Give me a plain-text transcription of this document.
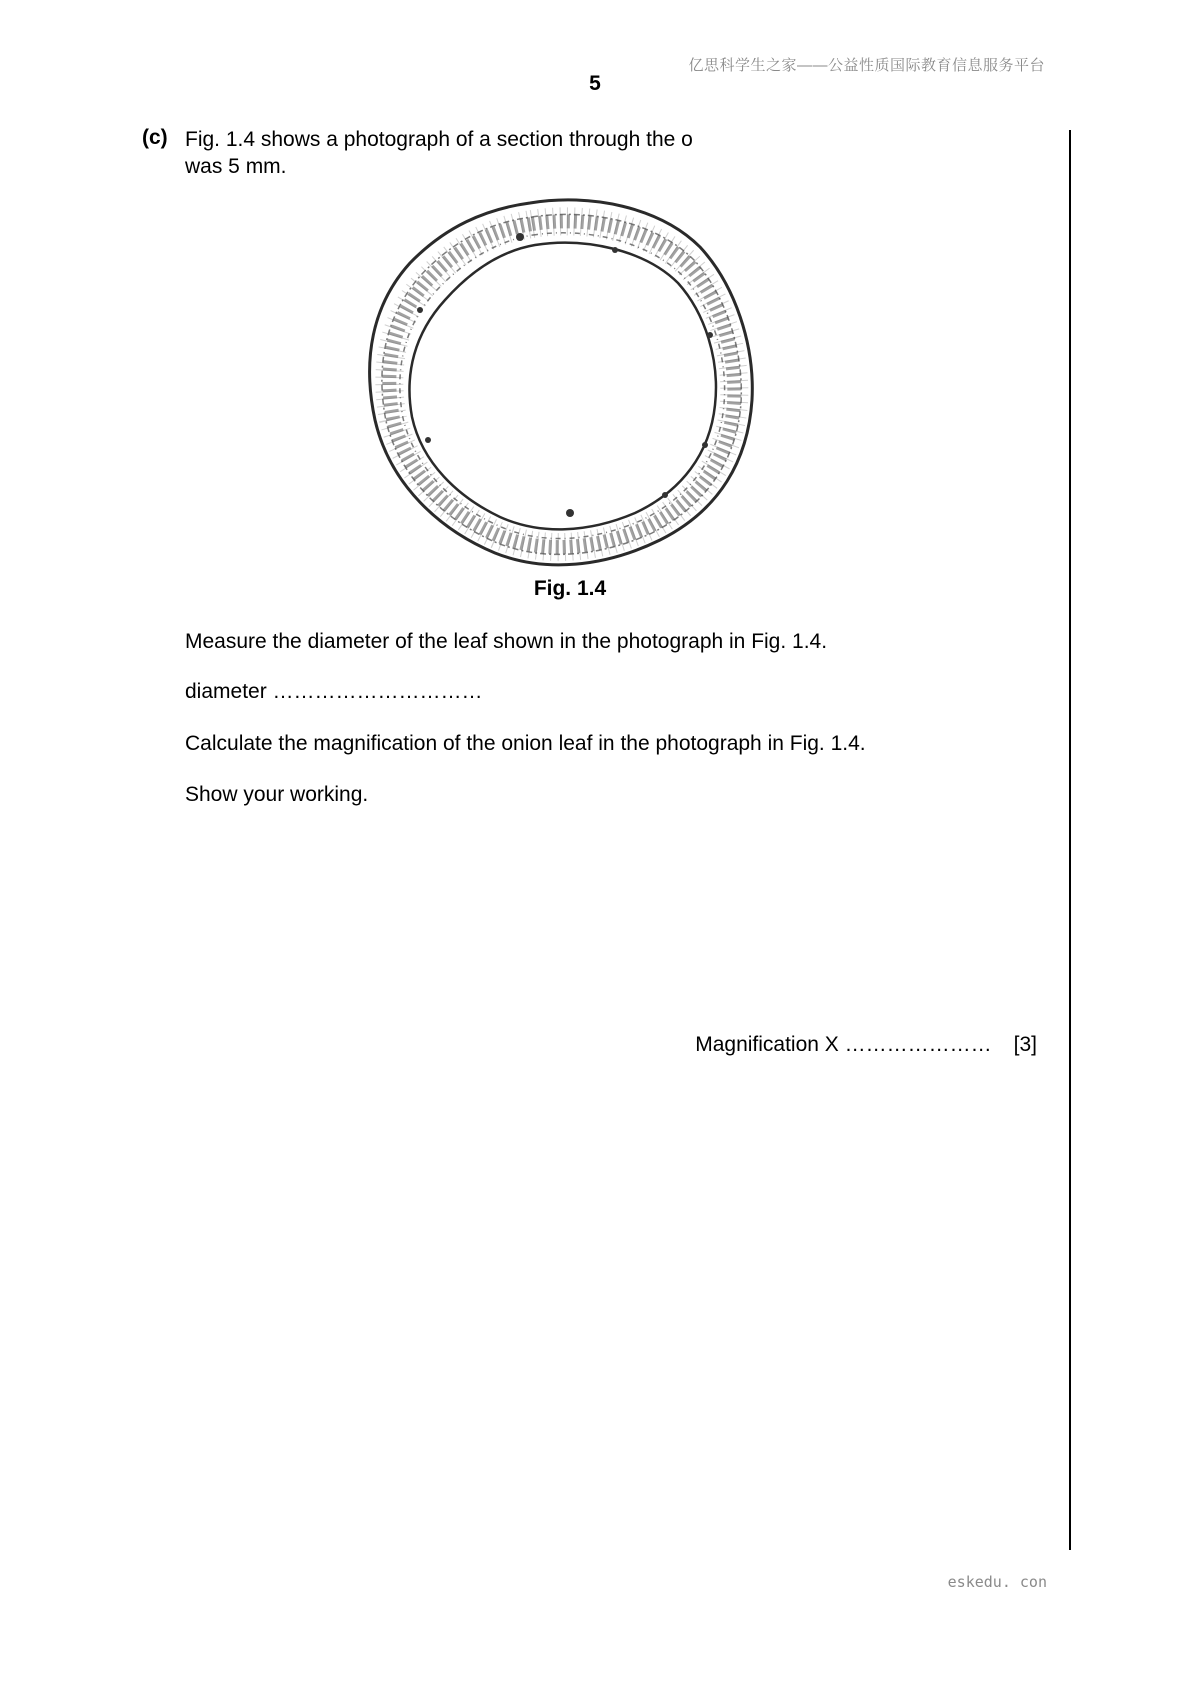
亿思科学生之家——公益性质国际教育信息服务平台
5
(c) Fig. 1.4 shows a photograph of a section through the o
was 5 mm.
Fig. 1.4
Measure the diameter of the leaf shown in the photograph in Fig. 1.4.
diameter …………………………
Calculate the magnification of the onion leaf in the photograph in Fig. 1.4.
Show your working.
Magnification X ………………… [3]
eskedu. con
